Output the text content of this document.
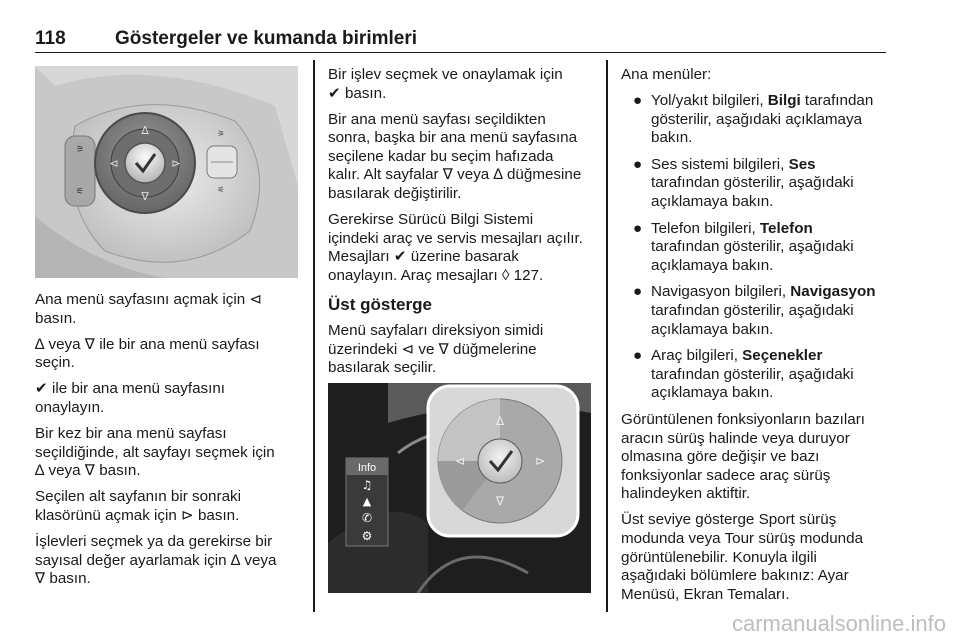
118	Göstergeler ve kumanda birimleri
⚞
⚟
∆
∇
⊲	⊳
⚞
⚟

Ana menü sayfasını açmak için ⊲
basın.

∆ veya ∇ ile bir ana menü sayfası
seçin.

✔ ile bir ana menü sayfasını
onaylayın.

Bir kez bir ana menü sayfası
seçildiğinde, alt sayfayı seçmek için
∆ veya ∇ basın.

Seçilen alt sayfanın bir sonraki
klasörünü açmak için ⊳ basın.

İşlevleri seçmek ya da gerekirse bir
sayısal değer ayarlamak için ∆ veya
∇ basın.

Bir işlev seçmek ve onaylamak için
✔ basın.

Bir ana menü sayfası seçildikten
sonra, başka bir ana menü sayfasına
seçilene kadar bu seçim hafızada
kalır. Alt sayfalar ∇ veya ∆ düğmesine
basılarak değiştirilir.

Gerekirse Sürücü Bilgi Sistemi
içindeki araç ve servis mesajları açılır.
Mesajları ✔ üzerine basarak
onaylayın. Araç mesajları ◊ 127.

Üst gösterge

Menü sayfaları direksiyon simidi
üzerindeki ⊲ ve ∇ düğmelerine
basılarak seçilir.

Info
♫
▲
✆
⚙
∆
∇
⊲	⊳

Ana menüler:

● Yol/yakıt bilgileri, Bilgi tarafından
gösterilir, aşağıdaki açıklamaya
bakın.
● Ses sistemi bilgileri, Ses
tarafından gösterilir, aşağıdaki
açıklamaya bakın.
● Telefon bilgileri, Telefon
tarafından gösterilir, aşağıdaki
açıklamaya bakın.
● Navigasyon bilgileri, Navigasyon
tarafından gösterilir, aşağıdaki
açıklamaya bakın.
● Araç bilgileri, Seçenekler
tarafından gösterilir, aşağıdaki
açıklamaya bakın.

Görüntülenen fonksiyonların bazıları
aracın sürüş halinde veya duruyor
olmasına göre değişir ve bazı
fonksiyonlar sadece araç sürüş
halindeyken aktiftir.

Üst seviye gösterge Sport sürüş
modunda veya Tour sürüş modunda
görüntülenebilir. Konuyla ilgili
aşağıdaki bölümlere bakınız: Ayar
Menüsü, Ekran Temaları.

carmanualsonline.info
